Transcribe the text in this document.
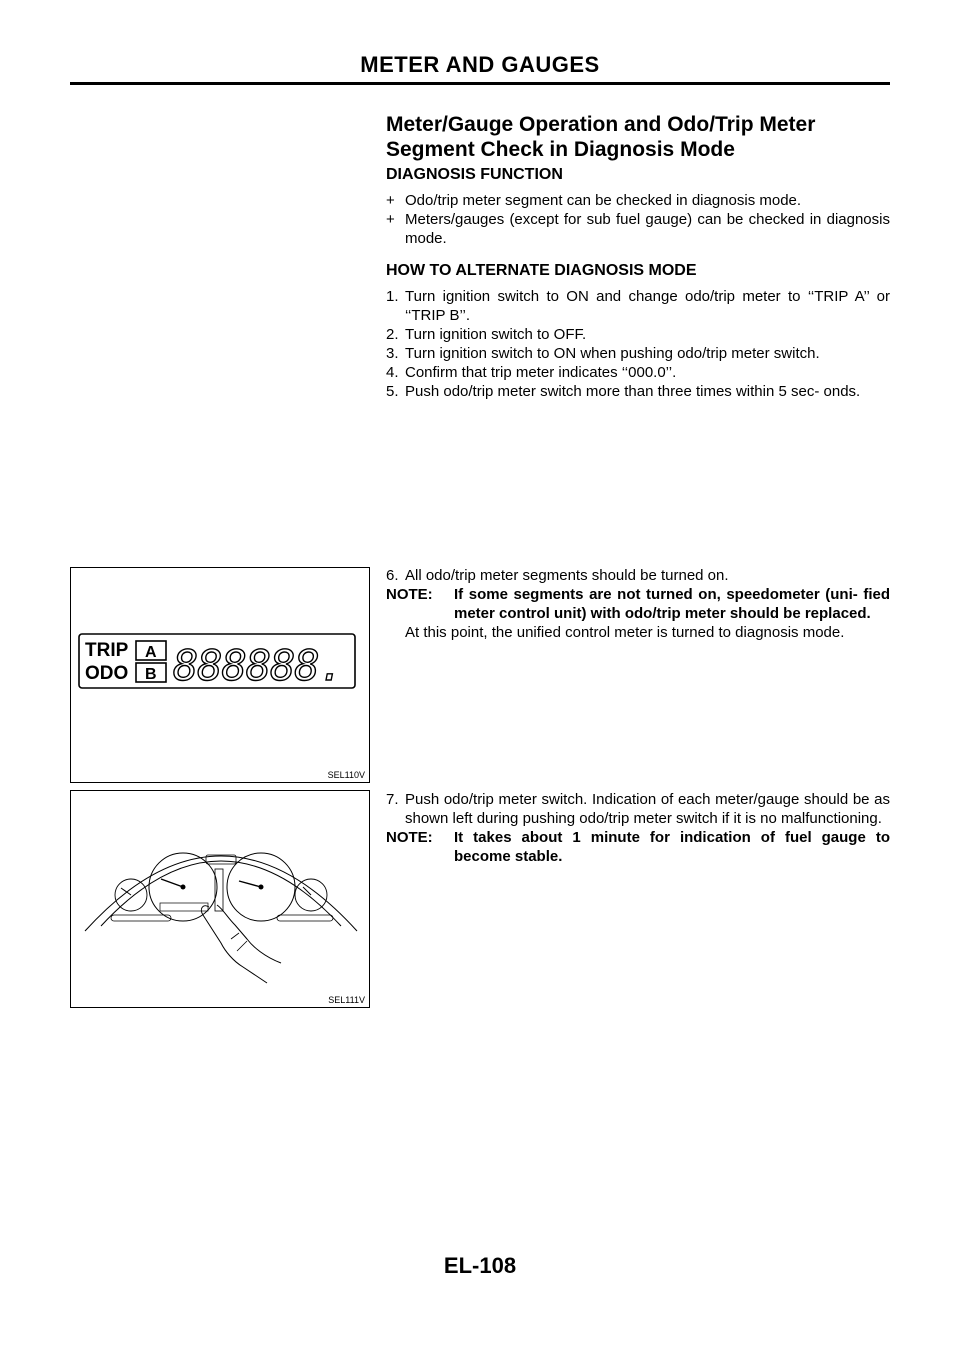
METER AND GAUGES
Meter/Gauge Operation and Odo/Trip Meter
Segment Check in Diagnosis Mode
DIAGNOSIS FUNCTION
+ Odo/trip meter segment can be checked in diagnosis mode.
+ Meters/gauges (except for sub fuel gauge) can be checked in diagnosis mode.
HOW TO ALTERNATE DIAGNOSIS MODE
1. Turn ignition switch to ON and change odo/trip meter to ‘‘TRIP A’’ or ‘‘TRIP B’’.
2. Turn ignition switch to OFF.
3. Turn ignition switch to ON when pushing odo/trip meter switch.
4. Confirm that trip meter indicates ‘‘000.0’’.
5. Push odo/trip meter switch more than three times within 5 sec- onds.
TRIP
ODO
A
B 888888.
SEL110V
6. All odo/trip meter segments should be turned on.
NOTE: If some segments are not turned on, speedometer (uni- fied meter control unit) with odo/trip meter should be replaced.
At this point, the unified control meter is turned to diagnosis mode.
SEL111V
7. Push odo/trip meter switch. Indication of each meter/gauge should be as shown left during pushing odo/trip meter switch if it is no malfunctioning.
NOTE: It takes about 1 minute for indication of fuel gauge to become stable.
EL-108
